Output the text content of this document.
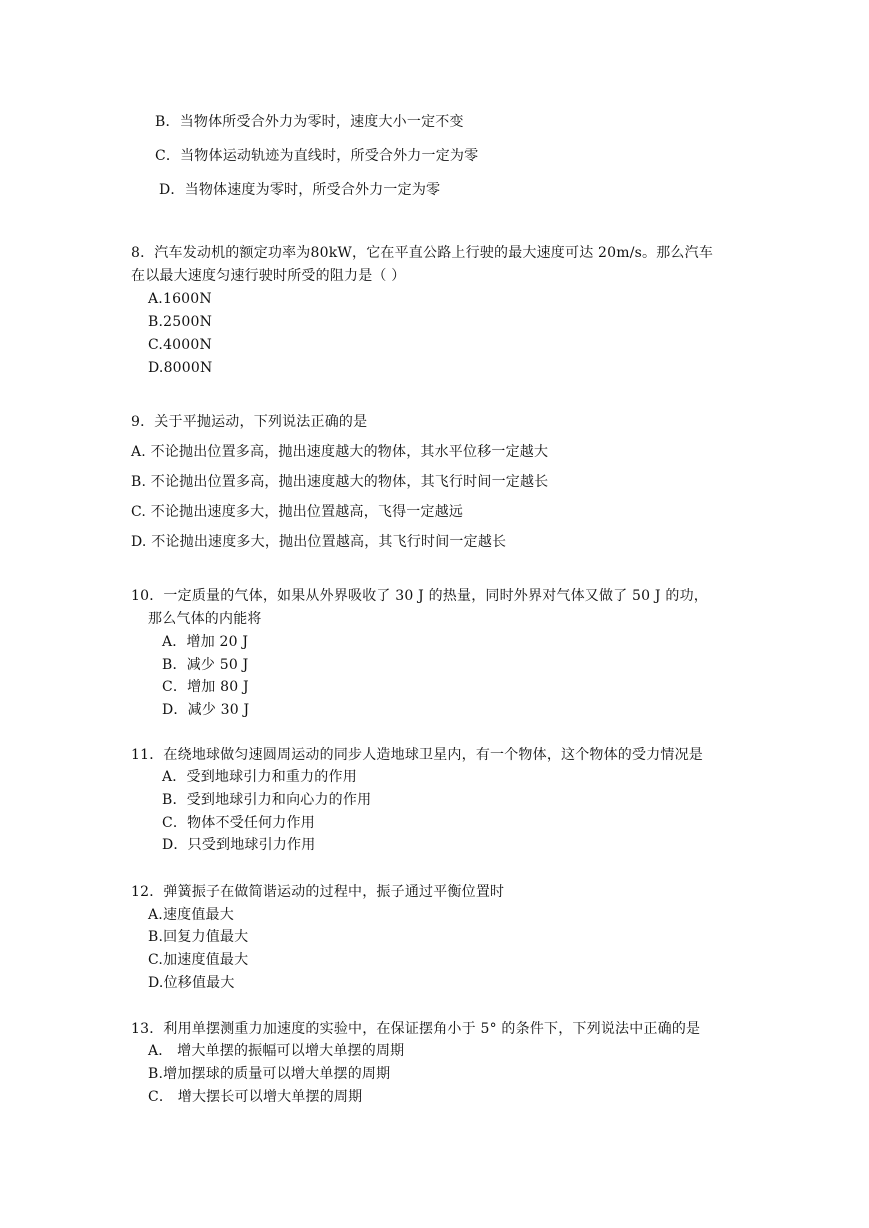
B．当物体所受合外力为零时，速度大小一定不变
C．当物体运动轨迹为直线时，所受合外力一定为零
D．当物体速度为零时，所受合外力一定为零
8．汽车发动机的额定功率为80kW，它在平直公路上行驶的最大速度可达 20m/s。那么汽车
在以最大速度匀速行驶时所受的阻力是（ ）
A.1600N
B.2500N
C.4000N
D.8000N
9．关于平抛运动，下列说法正确的是
A. 不论抛出位置多高，抛出速度越大的物体，其水平位移一定越大
B. 不论抛出位置多高，抛出速度越大的物体，其飞行时间一定越长
C. 不论抛出速度多大，抛出位置越高，飞得一定越远
D. 不论抛出速度多大，抛出位置越高，其飞行时间一定越长
10．一定质量的气体，如果从外界吸收了 30 J 的热量，同时外界对气体又做了 50 J 的功，
那么气体的内能将
A．增加 20 J
B．减少 50 J
C．增加 80 J
D．减少 30 J
11．在绕地球做匀速圆周运动的同步人造地球卫星内，有一个物体，这个物体的受力情况是
A．受到地球引力和重力的作用
B．受到地球引力和向心力的作用
C．物体不受任何力作用
D．只受到地球引力作用
12．弹簧振子在做简谐运动的过程中，振子通过平衡位置时
A.速度值最大
B.回复力值最大
C.加速度值最大
D.位移值最大
13．利用单摆测重力加速度的实验中，在保证摆角小于 5° 的条件下，下列说法中正确的是
A． 增大单摆的振幅可以增大单摆的周期
B.增加摆球的质量可以增大单摆的周期
C． 增大摆长可以增大单摆的周期
